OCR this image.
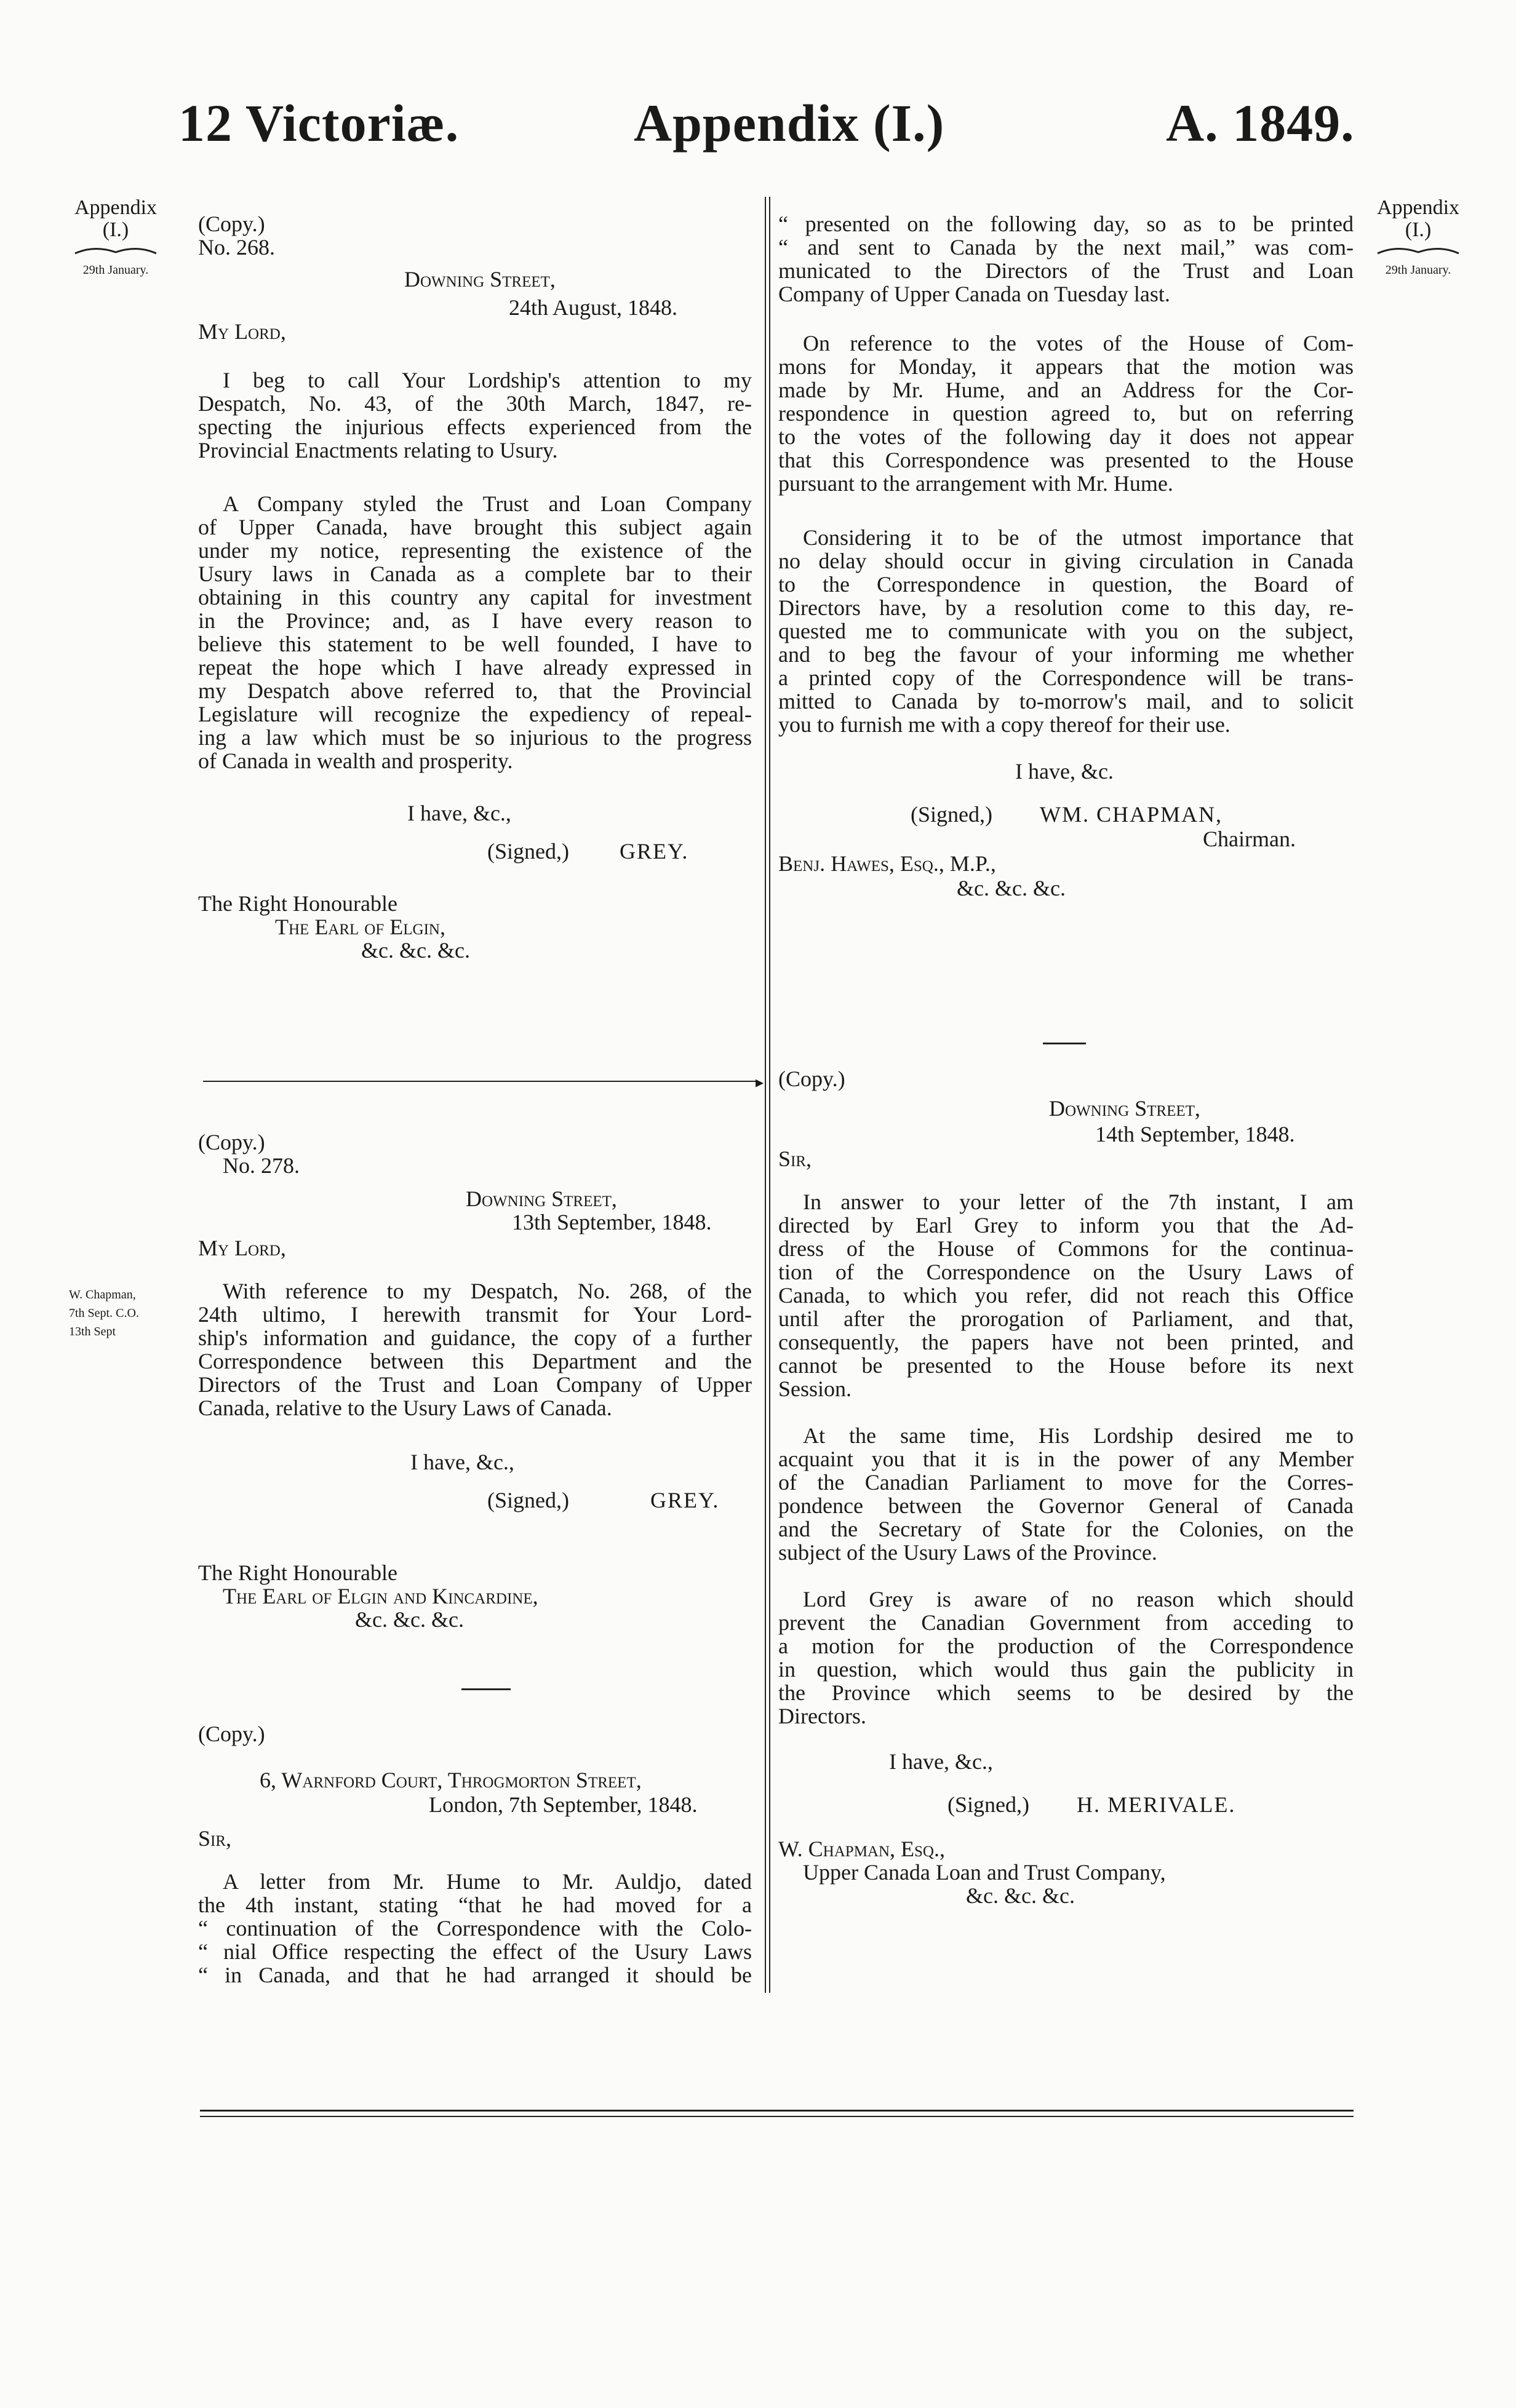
12 Victoriæ.	Appendix (I.)	A. 1849.
Appendix
(I.)
29th January.
Appendix
(I.)
29th January.
W. Chapman,
7th Sept. C.O.
13th Sept
(Copy.)
No. 268.
Downing Street,
24th August, 1848.
My Lord,
I beg to call Your Lordship's attention to my
Despatch, No. 43, of the 30th March, 1847, re-
specting the injurious effects experienced from the
Provincial Enactments relating to Usury.
A Company styled the Trust and Loan Company
of Upper Canada, have brought this subject again
under my notice, representing the existence of the
Usury laws in Canada as a complete bar to their
obtaining in this country any capital for investment
in the Province; and, as I have every reason to
believe this statement to be well founded, I have to
repeat the hope which I have already expressed in
my Despatch above referred to, that the Provincial
Legislature will recognize the expediency of repeal-
ing a law which must be so injurious to the progress
of Canada in wealth and prosperity.
I have, &c.,
(Signed,)	GREY.
The Right Honourable
The Earl of Elgin,
&c. &c. &c.
▸
(Copy.)
No. 278.
Downing Street,
13th September, 1848.
My Lord,
With reference to my Despatch, No. 268, of the
24th ultimo, I herewith transmit for Your Lord-
ship's information and guidance, the copy of a further
Correspondence between this Department and the
Directors of the Trust and Loan Company of Upper
Canada, relative to the Usury Laws of Canada.
I have, &c.,
(Signed,)	GREY.
The Right Honourable
The Earl of Elgin and Kincardine,
&c. &c. &c.
(Copy.)
6, Warnford Court, Throgmorton Street,
London, 7th September, 1848.
Sir,
A letter from Mr. Hume to Mr. Auldjo, dated
the 4th instant, stating “that he had moved for a
“ continuation of the Correspondence with the Colo-
“ nial Office respecting the effect of the Usury Laws
“ in Canada, and that he had arranged it should be
“ presented on the following day, so as to be printed
“ and sent to Canada by the next mail,” was com-
municated to the Directors of the Trust and Loan
Company of Upper Canada on Tuesday last.
On reference to the votes of the House of Com-
mons for Monday, it appears that the motion was
made by Mr. Hume, and an Address for the Cor-
respondence in question agreed to, but on referring
to the votes of the following day it does not appear
that this Correspondence was presented to the House
pursuant to the arrangement with Mr. Hume.
Considering it to be of the utmost importance that
no delay should occur in giving circulation in Canada
to the Correspondence in question, the Board of
Directors have, by a resolution come to this day, re-
quested me to communicate with you on the subject,
and to beg the favour of your informing me whether
a printed copy of the Correspondence will be trans-
mitted to Canada by to-morrow's mail, and to solicit
you to furnish me with a copy thereof for their use.
I have, &c.
(Signed,)	WM. CHAPMAN,
Chairman.
Benj. Hawes, Esq., M.P.,
&c. &c. &c.
(Copy.)
Downing Street,
14th September, 1848.
Sir,
In answer to your letter of the 7th instant, I am
directed by Earl Grey to inform you that the Ad-
dress of the House of Commons for the continua-
tion of the Correspondence on the Usury Laws of
Canada, to which you refer, did not reach this Office
until after the prorogation of Parliament, and that,
consequently, the papers have not been printed, and
cannot be presented to the House before its next
Session.
At the same time, His Lordship desired me to
acquaint you that it is in the power of any Member
of the Canadian Parliament to move for the Corres-
pondence between the Governor General of Canada
and the Secretary of State for the Colonies, on the
subject of the Usury Laws of the Province.
Lord Grey is aware of no reason which should
prevent the Canadian Government from acceding to
a motion for the production of the Correspondence
in question, which would thus gain the publicity in
the Province which seems to be desired by the
Directors.
I have, &c.,
(Signed,)	H. MERIVALE.
W. Chapman, Esq.,
Upper Canada Loan and Trust Company,
&c. &c. &c.
